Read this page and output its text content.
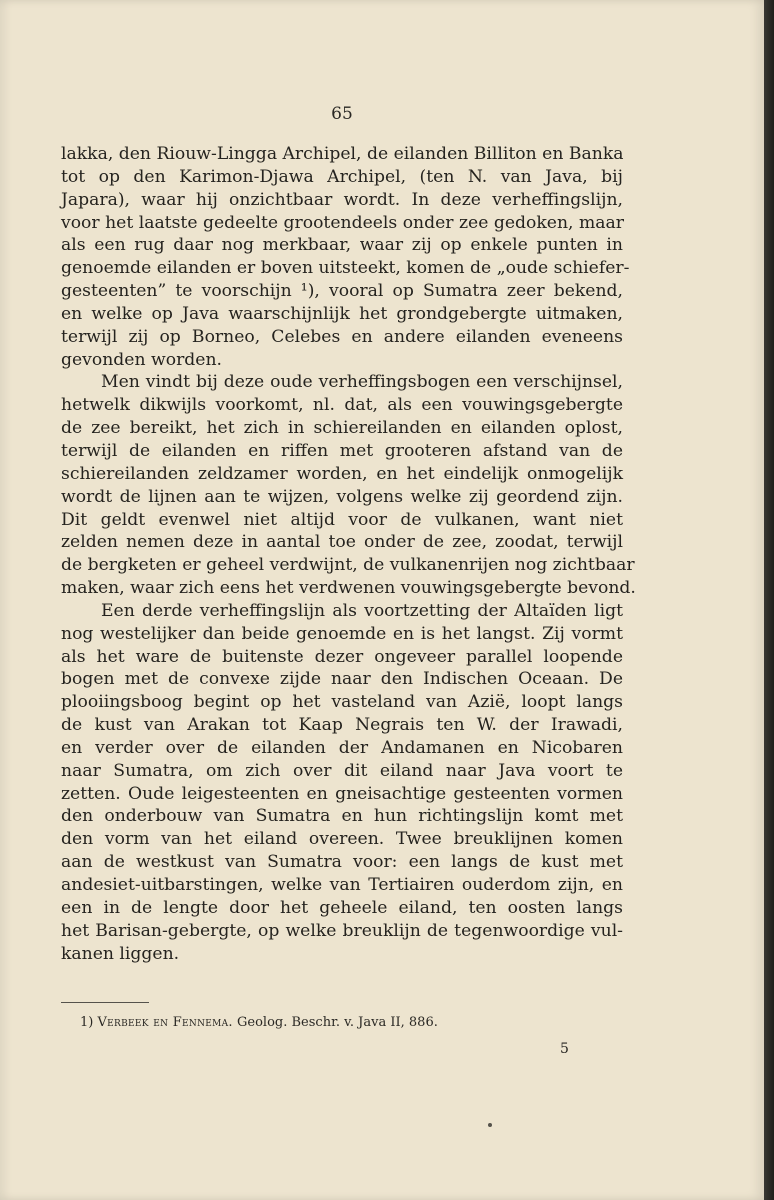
65
lakka, den Riouw-Lingga Archipel, de eilanden Billiton en Banka
tot op den Karimon-Djawa Archipel, (ten N. van Java, bij
Japara), waar hij onzichtbaar wordt. In deze verheffingslijn,
voor het laatste gedeelte grootendeels onder zee gedoken, maar
als een rug daar nog merkbaar, waar zij op enkele punten in
genoemde eilanden er boven uitsteekt, komen de „oude schiefer-
gesteenten” te voorschijn ¹), vooral op Sumatra zeer bekend,
en welke op Java waarschijnlijk het grondgebergte uitmaken,
terwijl zij op Borneo, Celebes en andere eilanden eveneens
gevonden worden.
Men vindt bij deze oude verheffingsbogen een verschijnsel,
hetwelk dikwijls voorkomt, nl. dat, als een vouwingsgebergte
de zee bereikt, het zich in schiereilanden en eilanden oplost,
terwijl de eilanden en riffen met grooteren afstand van de
schiereilanden zeldzamer worden, en het eindelijk onmogelijk
wordt de lijnen aan te wijzen, volgens welke zij geordend zijn.
Dit geldt evenwel niet altijd voor de vulkanen, want niet
zelden nemen deze in aantal toe onder de zee, zoodat, terwijl
de bergketen er geheel verdwijnt, de vulkanenrijen nog zichtbaar
maken, waar zich eens het verdwenen vouwingsgebergte bevond.
Een derde verheffingslijn als voortzetting der Altaïden ligt
nog westelijker dan beide genoemde en is het langst. Zij vormt
als het ware de buitenste dezer ongeveer parallel loopende
bogen met de convexe zijde naar den Indischen Oceaan. De
plooiingsboog begint op het vasteland van Azië, loopt langs
de kust van Arakan tot Kaap Negrais ten W. der Irawadi,
en verder over de eilanden der Andamanen en Nicobaren
naar Sumatra, om zich over dit eiland naar Java voort te
zetten. Oude leigesteenten en gneisachtige gesteenten vormen
den onderbouw van Sumatra en hun richtingslijn komt met
den vorm van het eiland overeen. Twee breuklijnen komen
aan de westkust van Sumatra voor: een langs de kust met
andesiet-uitbarstingen, welke van Tertiairen ouderdom zijn, en
een in de lengte door het geheele eiland, ten oosten langs
het Barisan-gebergte, op welke breuklijn de tegenwoordige vul-
kanen liggen.
1) Verbeek en Fennema. Geolog. Beschr. v. Java II, 886.
5
